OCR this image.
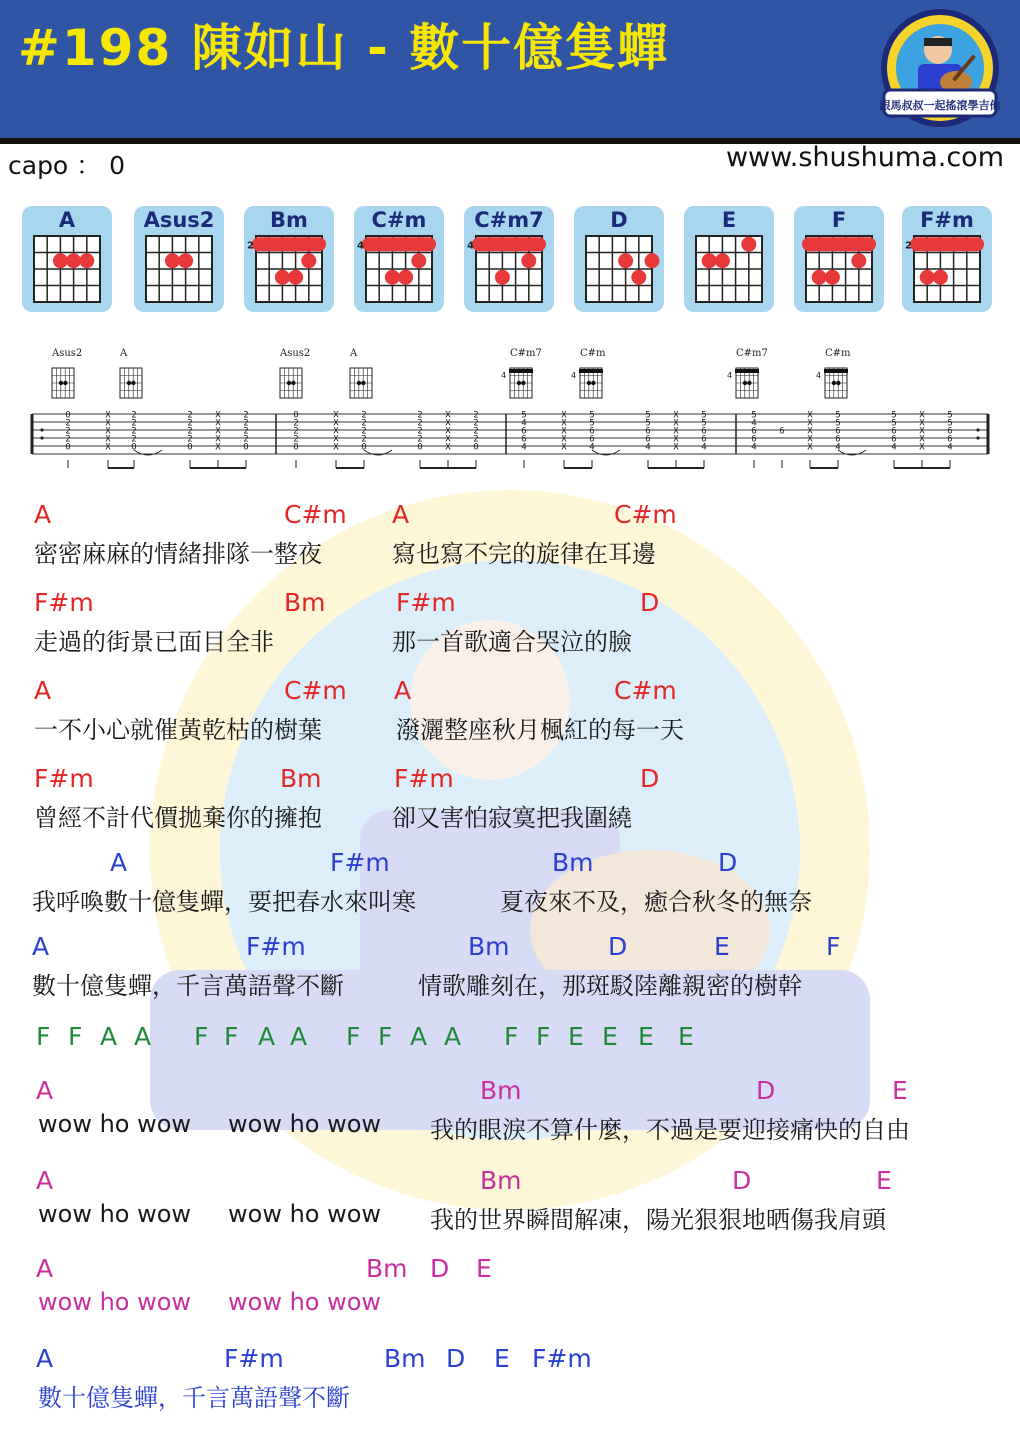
#198 陳如山 - 數十億隻蟬
跟馬叔叔一起搖滾學吉他
capo ： 0	www.shushuma.com
A	Asus2	Bm
2
C#m
4
C#m7
4
D	E	F	F#m
2
Asus2	A	Asus2	A	C#m7
4
C#m
4
C#m7
4
C#m
4
0
2
2
2
0
X
X
X
X
X
2
2
2
2
0
2
2
2
2
0
X
X
X
X
X
2
2
2
2
0
0
2
2
2
0
X
X
X
X
X
2
2
2
2
0
2
2
2
2
0
X
X
X
X
X
2
2
2
2
0
5
4
6
6
4
X
X
X
X
X
5
5
6
6
4
5
5
6
6
4
X
X
X
X
X
5
5
6
6
4
5
4
6
6
4
6
X
X
X
X
X
5
5
6
6
4
5
5
6
6
4
X
X
X
X
X
5
5
6
6
4
A	C#m A	C#m
密密麻麻的情緒排隊一整夜	寫也寫不完的旋律在耳邊
F#m	Bm	F#m	D
走過的街景已面目全非	那一首歌適合哭泣的臉
A	C#m A	C#m
一不小心就催黃乾枯的樹葉	潑灑整座秋月楓紅的每一天
F#m	Bm	F#m	D
曾經不計代價拋棄你的擁抱	卻又害怕寂寞把我圍繞
A	F#m	Bm	D
我呼喚數十億隻蟬，要把春水來叫寒	夏夜來不及，癒合秋冬的無奈
A	F#m	Bm	D	E	F
數十億隻蟬，千言萬語聲不斷	情歌雕刻在，那斑駁陸離親密的樹幹
F F A A F F A A F F A A F F E E E E
A	Bm	D	E
wow ho wow wow ho wow 我的眼淚不算什麼，不過是要迎接痛快的自由
A	Bm	D	E
wow ho wow wow ho wow 我的世界瞬間解凍，陽光狠狠地晒傷我肩頭
A	Bm D E
wow ho wow wow ho wow
A	F#m	Bm D E F#m
數十億隻蟬，千言萬語聲不斷
